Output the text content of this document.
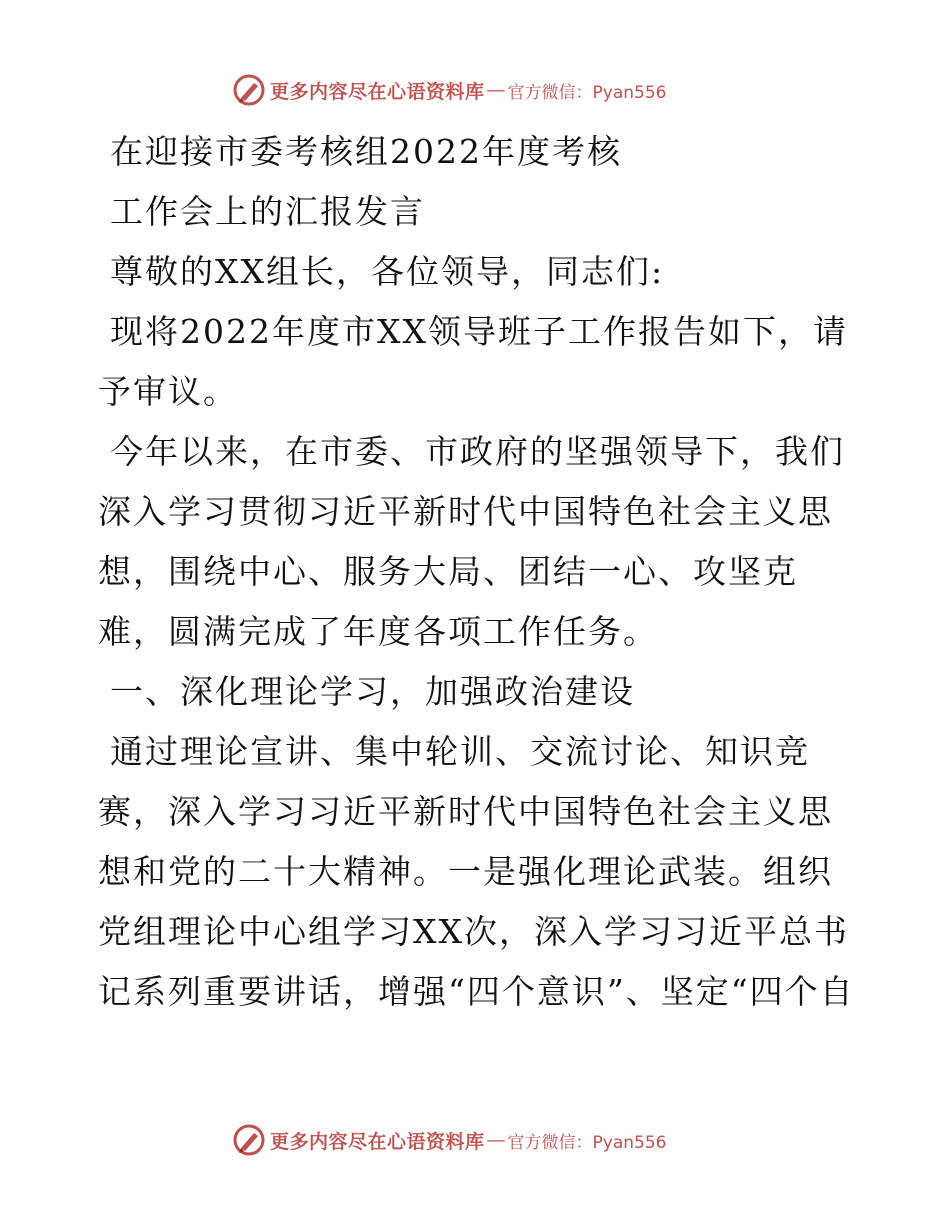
更多内容尽在心语资料库 — 官方微信：Pyan556

在迎接市委考核组2022年度考核

工作会上的汇报发言

尊敬的XX组长，各位领导，同志们:

现将2022年度市XX领导班子工作报告如下，请予审议。

今年以来，在市委、市政府的坚强领导下，我们深入学习贯彻习近平新时代中国特色社会主义思想，围绕中心、服务大局、团结一心、攻坚克难，圆满完成了年度各项工作任务。

一、深化理论学习，加强政治建设

通过理论宣讲、集中轮训、交流讨论、知识竞赛，深入学习习近平新时代中国特色社会主义思想和党的二十大精神。一是强化理论武装。组织党组理论中心组学习XX次，深入学习习近平总书记系列重要讲话，增强“四个意识”、坚定“四个自

更多内容尽在心语资料库 — 官方微信：Pyan556
